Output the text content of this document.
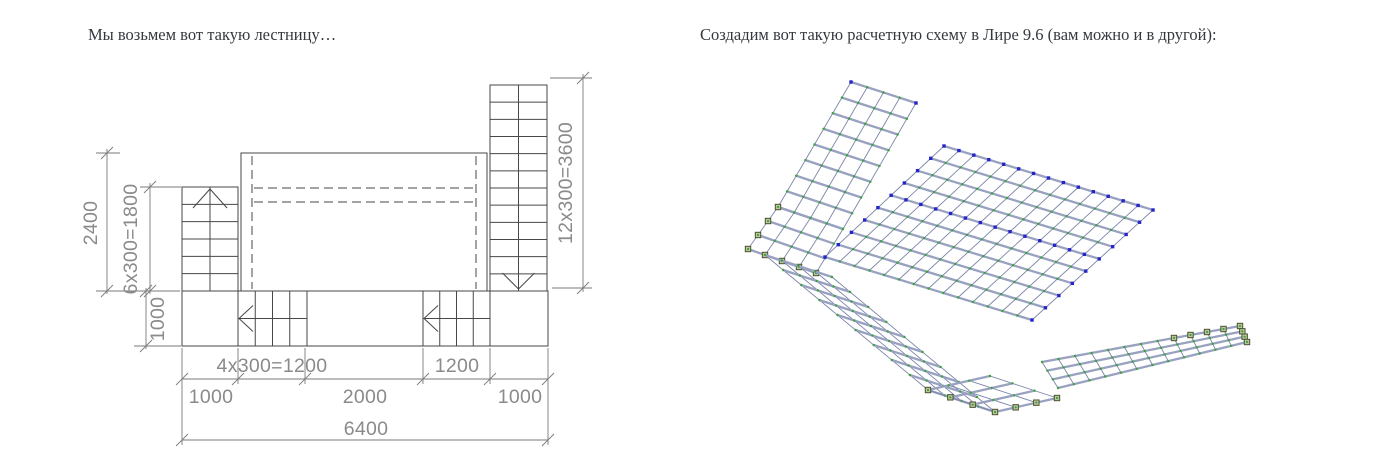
Мы возьмем вот такую лестницу…	Создадим вот такую расчетную схему в Лире 9.6 (вам можно и в другой):
2400 6x300=1800
1000
12x300=3600
4x300=1200	1200
1000	2000	1000
6400
